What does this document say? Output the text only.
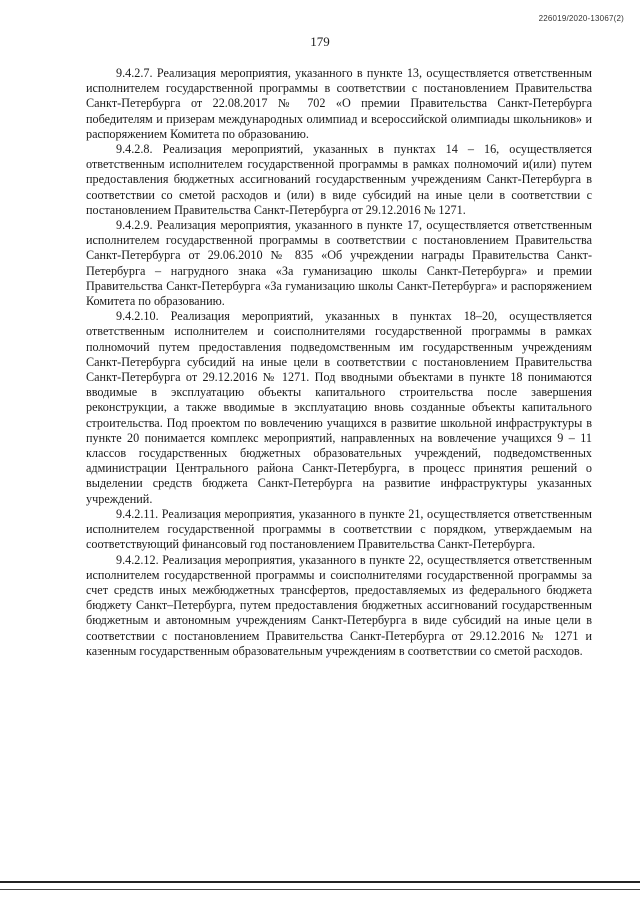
226019/2020-13067(2)
179

9.4.2.7. Реализация мероприятия, указанного в пункте 13, осуществляется ответственным исполнителем государственной программы в соответствии с постановлением Правительства Санкт-Петербурга от 22.08.2017 № 702 «О премии Правительства Санкт-Петербурга победителям и призерам международных олимпиад и всероссийской олимпиады школьников» и распоряжением Комитета по образованию.

9.4.2.8. Реализация мероприятий, указанных в пунктах 14 – 16, осуществляется ответственным исполнителем государственной программы в рамках полномочий и(или) путем предоставления бюджетных ассигнований государственным учреждениям Санкт-Петербурга в соответствии со сметой расходов и (или) в виде субсидий на иные цели в соответствии с постановлением Правительства Санкт-Петербурга от 29.12.2016 № 1271.

9.4.2.9. Реализация мероприятия, указанного в пункте 17, осуществляется ответственным исполнителем государственной программы в соответствии с постановлением Правительства Санкт-Петербурга от 29.06.2010 № 835 «Об учреждении награды Правительства Санкт-Петербурга – нагрудного знака «За гуманизацию школы Санкт-Петербурга» и премии Правительства Санкт-Петербурга «За гуманизацию школы Санкт-Петербурга» и распоряжением Комитета по образованию.

9.4.2.10. Реализация мероприятий, указанных в пунктах 18–20, осуществляется ответственным исполнителем и соисполнителями государственной программы в рамках полномочий путем предоставления подведомственным им государственным учреждениям Санкт-Петербурга субсидий на иные цели в соответствии с постановлением Правительства Санкт-Петербурга от 29.12.2016 № 1271. Под вводными объектами в пункте 18 понимаются вводимые в эксплуатацию объекты капитального строительства после завершения реконструкции, а также вводимые в эксплуатацию вновь созданные объекты капитального строительства. Под проектом по вовлечению учащихся в развитие школьной инфраструктуры в пункте 20 понимается комплекс мероприятий, направленных на вовлечение учащихся 9 – 11 классов государственных бюджетных образовательных учреждений, подведомственных администрации Центрального района Санкт-Петербурга, в процесс принятия решений о выделении средств бюджета Санкт-Петербурга на развитие инфраструктуры указанных учреждений.

9.4.2.11. Реализация мероприятия, указанного в пункте 21, осуществляется ответственным исполнителем государственной программы в соответствии с порядком, утверждаемым на соответствующий финансовый год постановлением Правительства Санкт-Петербурга.

9.4.2.12. Реализация мероприятия, указанного в пункте 22, осуществляется ответственным исполнителем государственной программы и соисполнителями государственной программы за счет средств иных межбюджетных трансфертов, предоставляемых из федерального бюджета бюджету Санкт–Петербурга, путем предоставления бюджетных ассигнований государственным бюджетным и автономным учреждениям Санкт-Петербурга в виде субсидий на иные цели в соответствии с постановлением Правительства Санкт-Петербурга от 29.12.2016 № 1271 и казенным государственным образовательным учреждениям в соответствии со сметой расходов.
